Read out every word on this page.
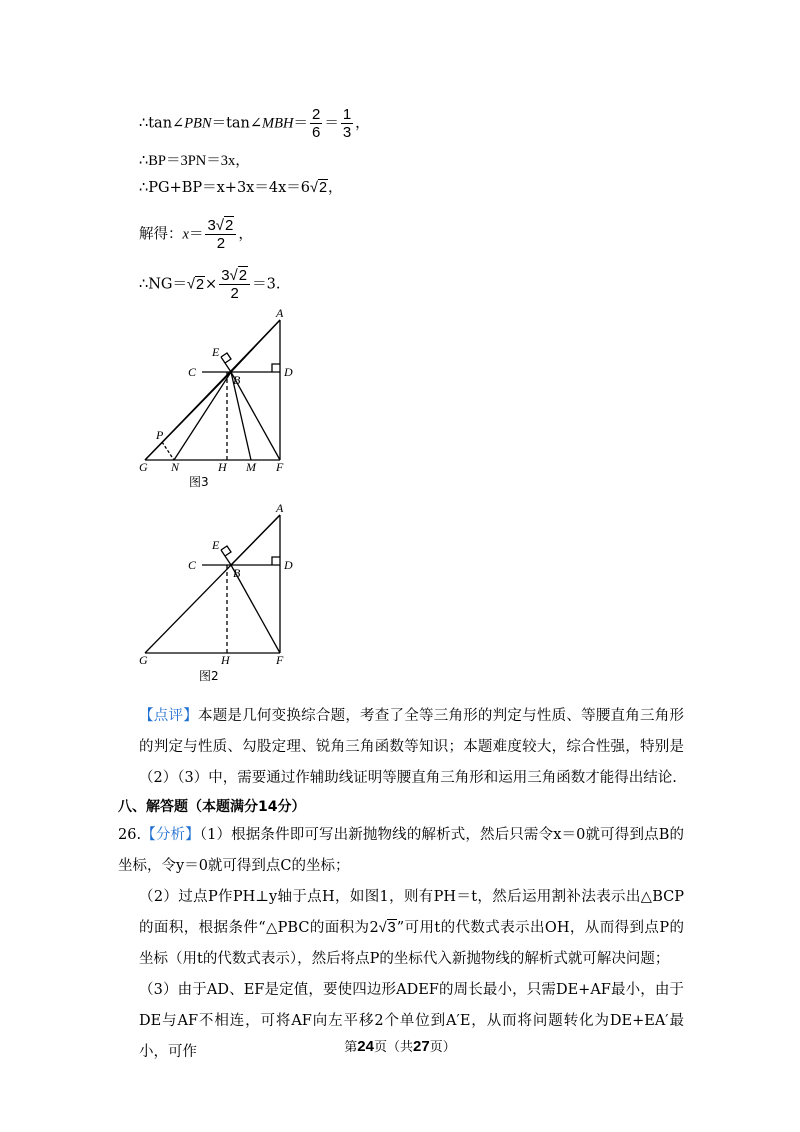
∴tan∠PBN＝tan∠MBH＝ $\frac{2}{6} = \frac{1}{3}$ ，
∴BP＝3PN＝3x，
∴PG+BP＝x+3x＝4x＝6√2，
解得：$x= \frac{3√2}{2}$ ，
∴NG＝√2× $\frac{3√2}{2} =3$.
A
E
C
B
D
P
G N	H M F
图3
A
E
C
B
D
G	H	F
图2
【点评】本题是几何变换综合题，考查了全等三角形的判定与性质、等腰直角三角形的判定与性质、勾股定理、锐角三角函数等知识；本题难度较大，综合性强，特别是（2）（3）中，需要通过作辅助线证明等腰直角三角形和运用三角函数才能得出结论.
八、解答题（本题满分14分）
26.【分析】（1）根据条件即可写出新抛物线的解析式，然后只需令x＝0就可得到点B的坐标，令y＝0就可得到点C的坐标；
（2）过点P作PH⊥y轴于点H，如图1，则有PH＝t，然后运用割补法表示出△BCP的面积，根据条件“△PBC的面积为2√3”可用t的代数式表示出OH，从而得到点P的坐标（用t的代数式表示），然后将点P的坐标代入新抛物线的解析式就可解决问题；
（3）由于AD、EF是定值，要使四边形ADEF的周长最小，只需DE+AF最小，由于DE与AF不相连，可将AF向左平移2个单位到A′E，从而将问题转化为DE+EA′最小，可作	第24页（共27页）
